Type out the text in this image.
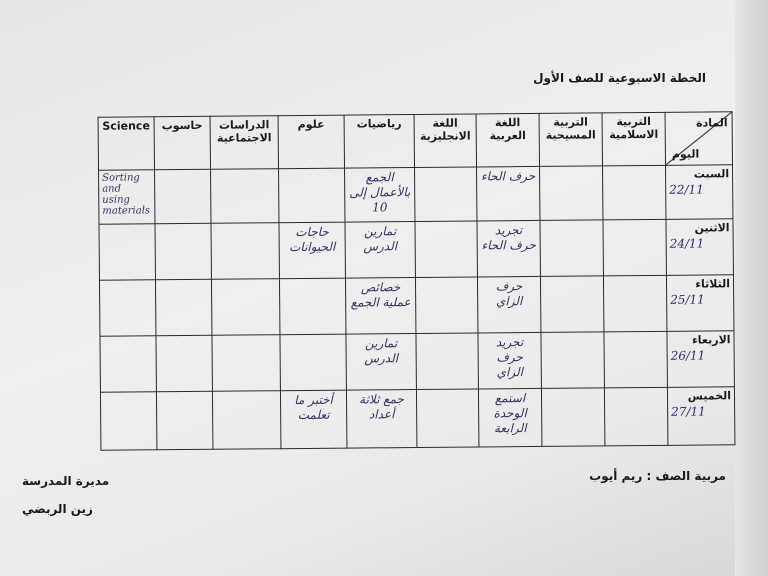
الخطة الاسبوعية للصف الأول
المادة
اليوم	التربية الاسلامية	التربية المسيحية	اللغة العربية	اللغة الانجليزية	رياضيات	علوم	الدراسات الاجتماعية	حاسوب	Science

السبت
22/11			حرف الحاء		الجمع بالأعمال إلى 10				Sorting and using materials

الاثنين
24/11			تجريد حرف الحاء		تمارين الدرس	حاجات الحيوانات			

الثلاثاء
25/11			حرف الزاي		خصائص عملية الجمع				

الاربعاء
26/11			تجريد حرف الزاي		تمارين الدرس				

الخميس
27/11			استمع الوحدة الرابعة		جمع ثلاثة أعداد	أختبر ما تعلمت			

مربية الصف : ريم أيوب
مديرة المدرسة
زين الربضي
